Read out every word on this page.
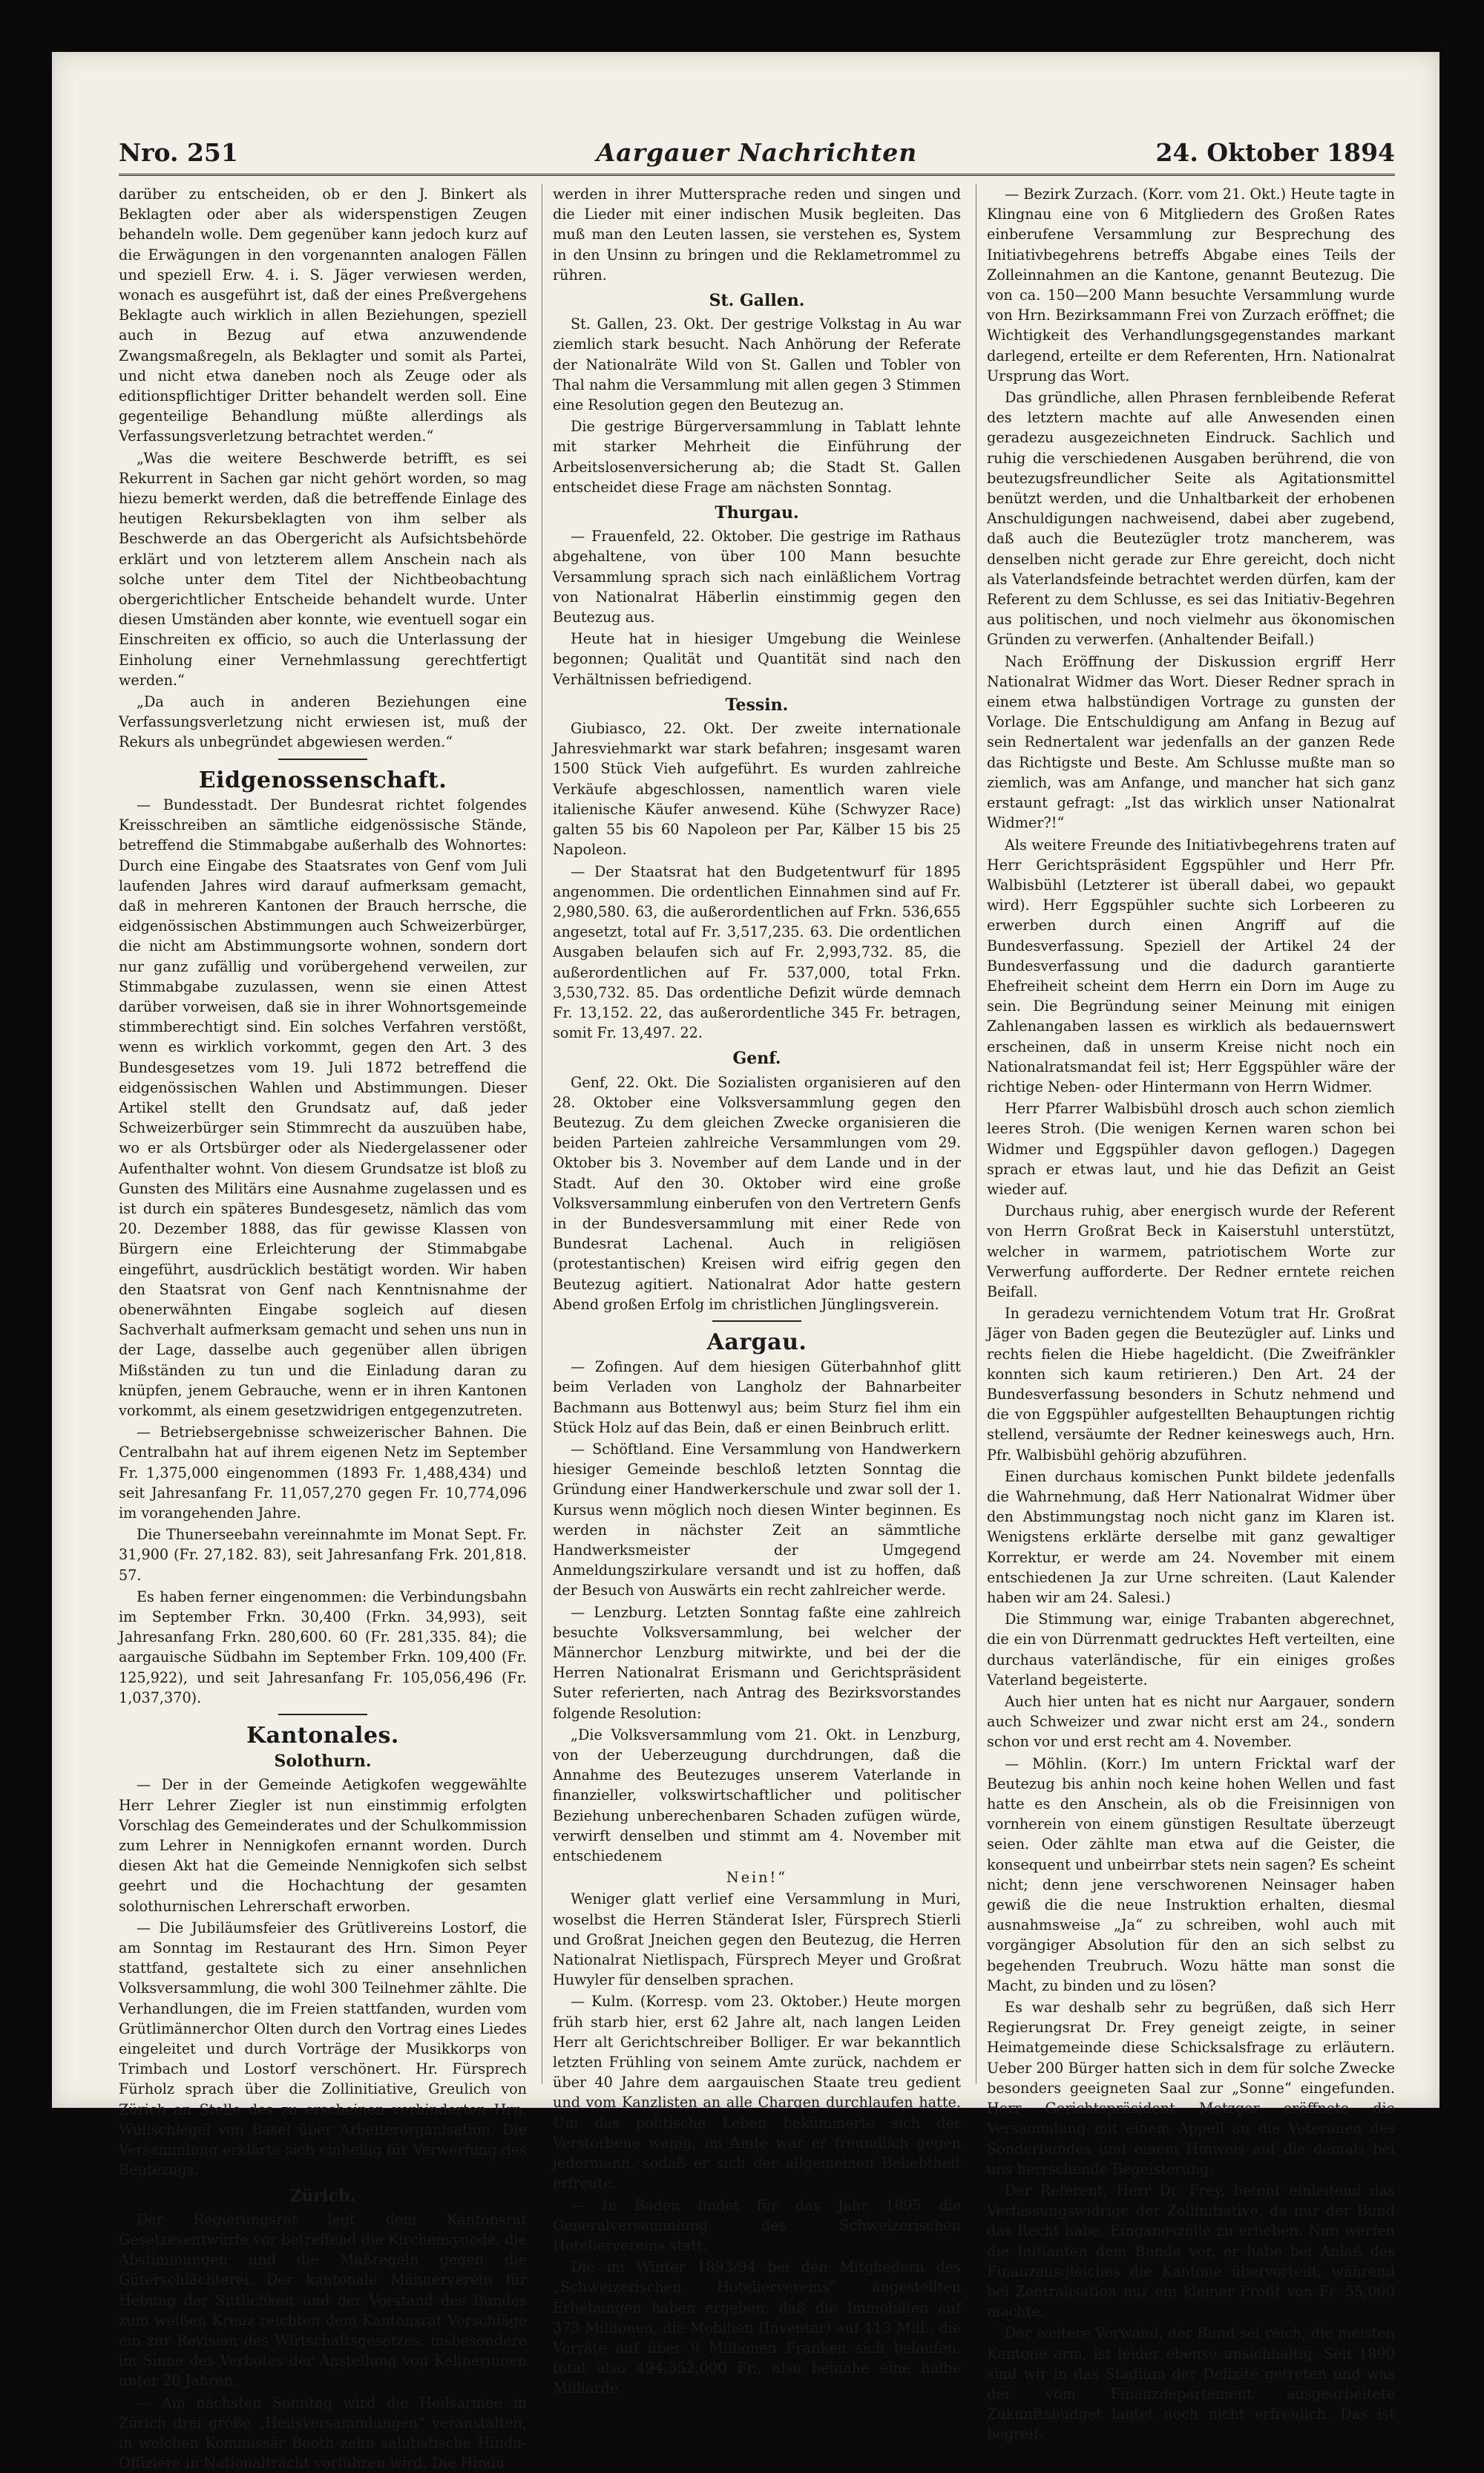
Nro. 251	Aargauer Nachrichten	24. Oktober 1894

darüber zu entscheiden, ob er den J. Binkert als Beklagten oder aber als widerspenstigen Zeugen behandeln wolle. Dem gegenüber kann jedoch kurz auf die Erwägungen in den vorgenannten analogen Fällen und speziell Erw. 4. i. S. Jäger verwiesen werden, wonach es ausgeführt ist, daß der eines Preßvergehens Beklagte auch wirklich in allen Beziehungen, speziell auch in Bezug auf etwa anzuwendende Zwangsmaßregeln, als Beklagter und somit als Partei, und nicht etwa daneben noch als Zeuge oder als editionspflichtiger Dritter behandelt werden soll. Eine gegenteilige Behandlung müßte allerdings als Verfassungsverletzung betrachtet werden.“

„Was die weitere Beschwerde betrifft, es sei Rekurrent in Sachen gar nicht gehört worden, so mag hiezu bemerkt werden, daß die betreffende Einlage des heutigen Rekursbeklagten von ihm selber als Beschwerde an das Obergericht als Aufsichtsbehörde erklärt und von letzterem allem Anschein nach als solche unter dem Titel der Nichtbeobachtung obergerichtlicher Entscheide behandelt wurde. Unter diesen Umständen aber konnte, wie eventuell sogar ein Einschreiten ex officio, so auch die Unterlassung der Einholung einer Vernehmlassung gerechtfertigt werden.“

„Da auch in anderen Beziehungen eine Verfassungsverletzung nicht erwiesen ist, muß der Rekurs als unbegründet abgewiesen werden.“

Eidgenossenschaft.

— Bundesstadt. Der Bundesrat richtet folgendes Kreisschreiben an sämtliche eidgenössische Stände, betreffend die Stimmabgabe außerhalb des Wohnortes: Durch eine Eingabe des Staatsrates von Genf vom Juli laufenden Jahres wird darauf aufmerksam gemacht, daß in mehreren Kantonen der Brauch herrsche, die eidgenössischen Abstimmungen auch Schweizerbürger, die nicht am Abstimmungsorte wohnen, sondern dort nur ganz zufällig und vorübergehend verweilen, zur Stimmabgabe zuzulassen, wenn sie einen Attest darüber vorweisen, daß sie in ihrer Wohnortsgemeinde stimmberechtigt sind. Ein solches Verfahren verstößt, wenn es wirklich vorkommt, gegen den Art. 3 des Bundesgesetzes vom 19. Juli 1872 betreffend die eidgenössischen Wahlen und Abstimmungen. Dieser Artikel stellt den Grundsatz auf, daß jeder Schweizerbürger sein Stimmrecht da auszuüben habe, wo er als Ortsbürger oder als Niedergelassener oder Aufenthalter wohnt. Von diesem Grundsatze ist bloß zu Gunsten des Militärs eine Ausnahme zugelassen und es ist durch ein späteres Bundesgesetz, nämlich das vom 20. Dezember 1888, das für gewisse Klassen von Bürgern eine Erleichterung der Stimmabgabe eingeführt, ausdrücklich bestätigt worden. Wir haben den Staatsrat von Genf nach Kenntnisnahme der obenerwähnten Eingabe sogleich auf diesen Sachverhalt aufmerksam gemacht und sehen uns nun in der Lage, dasselbe auch gegenüber allen übrigen Mißständen zu tun und die Einladung daran zu knüpfen, jenem Gebrauche, wenn er in ihren Kantonen vorkommt, als einem gesetzwidrigen entgegenzutreten.

— Betriebsergebnisse schweizerischer Bahnen. Die Centralbahn hat auf ihrem eigenen Netz im September Fr. 1,375,000 eingenommen (1893 Fr. 1,488,434) und seit Jahresanfang Fr. 11,057,270 gegen Fr. 10,774,096 im vorangehenden Jahre.

Die Thunerseebahn vereinnahmte im Monat Sept. Fr. 31,900 (Fr. 27,182. 83), seit Jahresanfang Frk. 201,818. 57.

Es haben ferner eingenommen: die Verbindungsbahn im September Frkn. 30,400 (Frkn. 34,993), seit Jahresanfang Frkn. 280,600. 60 (Fr. 281,335. 84); die aargauische Südbahn im September Frkn. 109,400 (Fr. 125,922), und seit Jahresanfang Fr. 105,056,496 (Fr. 1,037,370).

Kantonales.
Solothurn.

— Der in der Gemeinde Aetigkofen weggewählte Herr Lehrer Ziegler ist nun einstimmig erfolgten Vorschlag des Gemeinderates und der Schulkommission zum Lehrer in Nennigkofen ernannt worden. Durch diesen Akt hat die Gemeinde Nennigkofen sich selbst geehrt und die Hochachtung der gesamten solothurnischen Lehrerschaft erworben.

— Die Jubiläumsfeier des Grütlivereins Lostorf, die am Sonntag im Restaurant des Hrn. Simon Peyer stattfand, gestaltete sich zu einer ansehnlichen Volksversammlung, die wohl 300 Teilnehmer zählte. Die Verhandlungen, die im Freien stattfanden, wurden vom Grütlimännerchor Olten durch den Vortrag eines Liedes eingeleitet und durch Vorträge der Musikkorps von Trimbach und Lostorf verschönert. Hr. Fürsprech Fürholz sprach über die Zollinitiative, Greulich von Zürich an Stelle des zu erscheinen verhinderten Hrn. Wullschlegel von Basel über Arbeiterorganisation. Die Versammlung erklärte sich einhellig für Verwerfung des Beutezugs.

Zürich.

Der Regierungsrat legt dem Kantonsrat Gesetzesentwürfe vor betreffend die Kirchensynode, die Abstimmungen und die Maßregeln gegen die Güterschlächterei. Der kantonale Männerverein für Hebung der Sittlichkeit und der Vorstand des Bundes zum weißen Kreuz reichten dem Kantonsrat Vorschläge ein zur Revision des Wirtschaftsgesetzes, insbesondere im Sinne des Verbotes der Anstellung von Kellnerinnen unter 20 Jahren.

— Am nächsten Sonntag wird die Heilsarmee in Zürich drei große „Heilsversammlungen“ veranstalten, in welchen Kommissär Booth zehn salutistische Hindu-Offiziere in Nationaltracht vorführen wird. Die Hindu

werden in ihrer Muttersprache reden und singen und die Lieder mit einer indischen Musik begleiten. Das muß man den Leuten lassen, sie verstehen es, System in den Unsinn zu bringen und die Reklametrommel zu rühren.

St. Gallen.

St. Gallen, 23. Okt. Der gestrige Volkstag in Au war ziemlich stark besucht. Nach Anhörung der Referate der Nationalräte Wild von St. Gallen und Tobler von Thal nahm die Versammlung mit allen gegen 3 Stimmen eine Resolution gegen den Beutezug an.

Die gestrige Bürgerversammlung in Tablatt lehnte mit starker Mehrheit die Einführung der Arbeitslosenversicherung ab; die Stadt St. Gallen entscheidet diese Frage am nächsten Sonntag.

Thurgau.

— Frauenfeld, 22. Oktober. Die gestrige im Rathaus abgehaltene, von über 100 Mann besuchte Versammlung sprach sich nach einläßlichem Vortrag von Nationalrat Häberlin einstimmig gegen den Beutezug aus.

Heute hat in hiesiger Umgebung die Weinlese begonnen; Qualität und Quantität sind nach den Verhältnissen befriedigend.

Tessin.

Giubiasco, 22. Okt. Der zweite internationale Jahresviehmarkt war stark befahren; insgesamt waren 1500 Stück Vieh aufgeführt. Es wurden zahlreiche Verkäufe abgeschlossen, namentlich waren viele italienische Käufer anwesend. Kühe (Schwyzer Race) galten 55 bis 60 Napoleon per Par, Kälber 15 bis 25 Napoleon.

— Der Staatsrat hat den Budgetentwurf für 1895 angenommen. Die ordentlichen Einnahmen sind auf Fr. 2,980,580. 63, die außerordentlichen auf Frkn. 536,655 angesetzt, total auf Fr. 3,517,235. 63. Die ordentlichen Ausgaben belaufen sich auf Fr. 2,993,732. 85, die außerordentlichen auf Fr. 537,000, total Frkn. 3,530,732. 85. Das ordentliche Defizit würde demnach Fr. 13,152. 22, das außerordentliche 345 Fr. betragen, somit Fr. 13,497. 22.

Genf.

Genf, 22. Okt. Die Sozialisten organisieren auf den 28. Oktober eine Volksversammlung gegen den Beutezug. Zu dem gleichen Zwecke organisieren die beiden Parteien zahlreiche Versammlungen vom 29. Oktober bis 3. November auf dem Lande und in der Stadt. Auf den 30. Oktober wird eine große Volksversammlung einberufen von den Vertretern Genfs in der Bundesversammlung mit einer Rede von Bundesrat Lachenal. Auch in religiösen (protestantischen) Kreisen wird eifrig gegen den Beutezug agitiert. Nationalrat Ador hatte gestern Abend großen Erfolg im christlichen Jünglingsverein.

Aargau.

— Zofingen. Auf dem hiesigen Güterbahnhof glitt beim Verladen von Langholz der Bahnarbeiter Bachmann aus Bottenwyl aus; beim Sturz fiel ihm ein Stück Holz auf das Bein, daß er einen Beinbruch erlitt.

— Schöftland. Eine Versammlung von Handwerkern hiesiger Gemeinde beschloß letzten Sonntag die Gründung einer Handwerkerschule und zwar soll der 1. Kursus wenn möglich noch diesen Winter beginnen. Es werden in nächster Zeit an sämmtliche Handwerksmeister der Umgegend Anmeldungszirkulare versandt und ist zu hoffen, daß der Besuch von Auswärts ein recht zahlreicher werde.

— Lenzburg. Letzten Sonntag faßte eine zahlreich besuchte Volksversammlung, bei welcher der Männerchor Lenzburg mitwirkte, und bei der die Herren Nationalrat Erismann und Gerichtspräsident Suter referierten, nach Antrag des Bezirksvorstandes folgende Resolution:

„Die Volksversammlung vom 21. Okt. in Lenzburg, von der Ueberzeugung durchdrungen, daß die Annahme des Beutezuges unserem Vaterlande in finanzieller, volkswirtschaftlicher und politischer Beziehung unberechenbaren Schaden zufügen würde, verwirft denselben und stimmt am 4. November mit entschiedenem

Nein!“

Weniger glatt verlief eine Versammlung in Muri, woselbst die Herren Ständerat Isler, Fürsprech Stierli und Großrat Jneichen gegen den Beutezug, die Herren Nationalrat Nietlispach, Fürsprech Meyer und Großrat Huwyler für denselben sprachen.

— Kulm. (Korresp. vom 23. Oktober.) Heute morgen früh starb hier, erst 62 Jahre alt, nach langen Leiden Herr alt Gerichtschreiber Bolliger. Er war bekanntlich letzten Frühling von seinem Amte zurück, nachdem er über 40 Jahre dem aargauischen Staate treu gedient und vom Kanzlisten an alle Chargen durchlaufen hatte. Um das politische Leben bekümmerte sich der Verstorbene wenig, im Amte war er freundlich gegen jedermann, sodaß er sich der allgemeinen Beliebtheit erfreute.

— In Baden findet für das Jahr 1895 die Generalversammlung des Schweizerischen Hoteliervereins statt.

Die im Winter 1893/94 bei den Mitgliedern des „Schweizerischen Hoteliervereins“ angestellten Erhebungen haben ergeben, daß die Immobilien auf 373 Millionen, die Mobilien (Inventar) auf 113 Mill., die Vorräte auf über 9 Millionen Franken sich belaufen, total also 494,352,000 Fr., also beinahe eine halbe Milliarde.

— Bezirk Zurzach. (Korr. vom 21. Okt.) Heute tagte in Klingnau eine von 6 Mitgliedern des Großen Rates einberufene Versammlung zur Besprechung des Initiativbegehrens betreffs Abgabe eines Teils der Zolleinnahmen an die Kantone, genannt Beutezug. Die von ca. 150—200 Mann besuchte Versammlung wurde von Hrn. Bezirksammann Frei von Zurzach eröffnet; die Wichtigkeit des Verhandlungsgegenstandes markant darlegend, erteilte er dem Referenten, Hrn. Nationalrat Ursprung das Wort.

Das gründliche, allen Phrasen fernbleibende Referat des letztern machte auf alle Anwesenden einen geradezu ausgezeichneten Eindruck. Sachlich und ruhig die verschiedenen Ausgaben berührend, die von beutezugsfreundlicher Seite als Agitationsmittel benützt werden, und die Unhaltbarkeit der erhobenen Anschuldigungen nachweisend, dabei aber zugebend, daß auch die Beutezügler trotz mancherem, was denselben nicht gerade zur Ehre gereicht, doch nicht als Vaterlandsfeinde betrachtet werden dürfen, kam der Referent zu dem Schlusse, es sei das Initiativ-Begehren aus politischen, und noch vielmehr aus ökonomischen Gründen zu verwerfen. (Anhaltender Beifall.)

Nach Eröffnung der Diskussion ergriff Herr Nationalrat Widmer das Wort. Dieser Redner sprach in einem etwa halbstündigen Vortrage zu gunsten der Vorlage. Die Entschuldigung am Anfang in Bezug auf sein Rednertalent war jedenfalls an der ganzen Rede das Richtigste und Beste. Am Schlusse mußte man so ziemlich, was am Anfange, und mancher hat sich ganz erstaunt gefragt: „Ist das wirklich unser Nationalrat Widmer?!“

Als weitere Freunde des Initiativbegehrens traten auf Herr Gerichtspräsident Eggspühler und Herr Pfr. Walbisbühl (Letzterer ist überall dabei, wo gepaukt wird). Herr Eggspühler suchte sich Lorbeeren zu erwerben durch einen Angriff auf die Bundesverfassung. Speziell der Artikel 24 der Bundesverfassung und die dadurch garantierte Ehefreiheit scheint dem Herrn ein Dorn im Auge zu sein. Die Begründung seiner Meinung mit einigen Zahlenangaben lassen es wirklich als bedauernswert erscheinen, daß in unserm Kreise nicht noch ein Nationalratsmandat feil ist; Herr Eggspühler wäre der richtige Neben- oder Hintermann von Herrn Widmer.

Herr Pfarrer Walbisbühl drosch auch schon ziemlich leeres Stroh. (Die wenigen Kernen waren schon bei Widmer und Eggspühler davon geflogen.) Dagegen sprach er etwas laut, und hie das Defizit an Geist wieder auf.

Durchaus ruhig, aber energisch wurde der Referent von Herrn Großrat Beck in Kaiserstuhl unterstützt, welcher in warmem, patriotischem Worte zur Verwerfung aufforderte. Der Redner erntete reichen Beifall.

In geradezu vernichtendem Votum trat Hr. Großrat Jäger von Baden gegen die Beutezügler auf. Links und rechts fielen die Hiebe hageldicht. (Die Zweifränkler konnten sich kaum retirieren.) Den Art. 24 der Bundesverfassung besonders in Schutz nehmend und die von Eggspühler aufgestellten Behauptungen richtig stellend, versäumte der Redner keineswegs auch, Hrn. Pfr. Walbisbühl gehörig abzuführen.

Einen durchaus komischen Punkt bildete jedenfalls die Wahrnehmung, daß Herr Nationalrat Widmer über den Abstimmungstag noch nicht ganz im Klaren ist. Wenigstens erklärte derselbe mit ganz gewaltiger Korrektur, er werde am 24. November mit einem entschiedenen Ja zur Urne schreiten. (Laut Kalender haben wir am 24. Salesi.)

Die Stimmung war, einige Trabanten abgerechnet, die ein von Dürrenmatt gedrucktes Heft verteilten, eine durchaus vaterländische, für ein einiges großes Vaterland begeisterte.

Auch hier unten hat es nicht nur Aargauer, sondern auch Schweizer und zwar nicht erst am 24., sondern schon vor und erst recht am 4. November.

— Möhlin. (Korr.) Im untern Fricktal warf der Beutezug bis anhin noch keine hohen Wellen und fast hatte es den Anschein, als ob die Freisinnigen von vornherein von einem günstigen Resultate überzeugt seien. Oder zählte man etwa auf die Geister, die konsequent und unbeirrbar stets nein sagen? Es scheint nicht; denn jene verschworenen Neinsager haben gewiß die die neue Instruktion erhalten, diesmal ausnahmsweise „Ja“ zu schreiben, wohl auch mit vorgängiger Absolution für den an sich selbst zu begehenden Treubruch. Wozu hätte man sonst die Macht, zu binden und zu lösen?

Es war deshalb sehr zu begrüßen, daß sich Herr Regierungsrat Dr. Frey geneigt zeigte, in seiner Heimatgemeinde diese Schicksalsfrage zu erläutern. Ueber 200 Bürger hatten sich in dem für solche Zwecke besonders geeigneten Saal zur „Sonne“ eingefunden. Herr Gerichtspräsident Metzger eröffnete die Versammlung mit einem Appell an die Veteranen des Sonderbundes und einem Hinweis auf die damals bei uns herrschende Begeisterung.

Der Referent, Herr Dr. Frey, betont einleitend das Verfassungswidrige der Zollinitiative, da nur der Bund das Recht habe, Eingangszölle zu erheben. Nun werfen die Initianten dem Bunde vor, er habe bei Anlaß des Finanzausgleiches die Kantone übervorteilt, während bei Zentralisation nur ein kleiner Profit von Fr. 55,000 machte.

Der weitere Vorwand, der Bund sei reich, die meisten Kantone arm, ist leider ebenso unsichhaltig. Seit 1890 sind wir in das Stadium der Defizite getreten und was der vom Finanzdepartement ausgearbeitete Zukunftsbudget lautet noch nicht erfreulich. Das ist begreif-
